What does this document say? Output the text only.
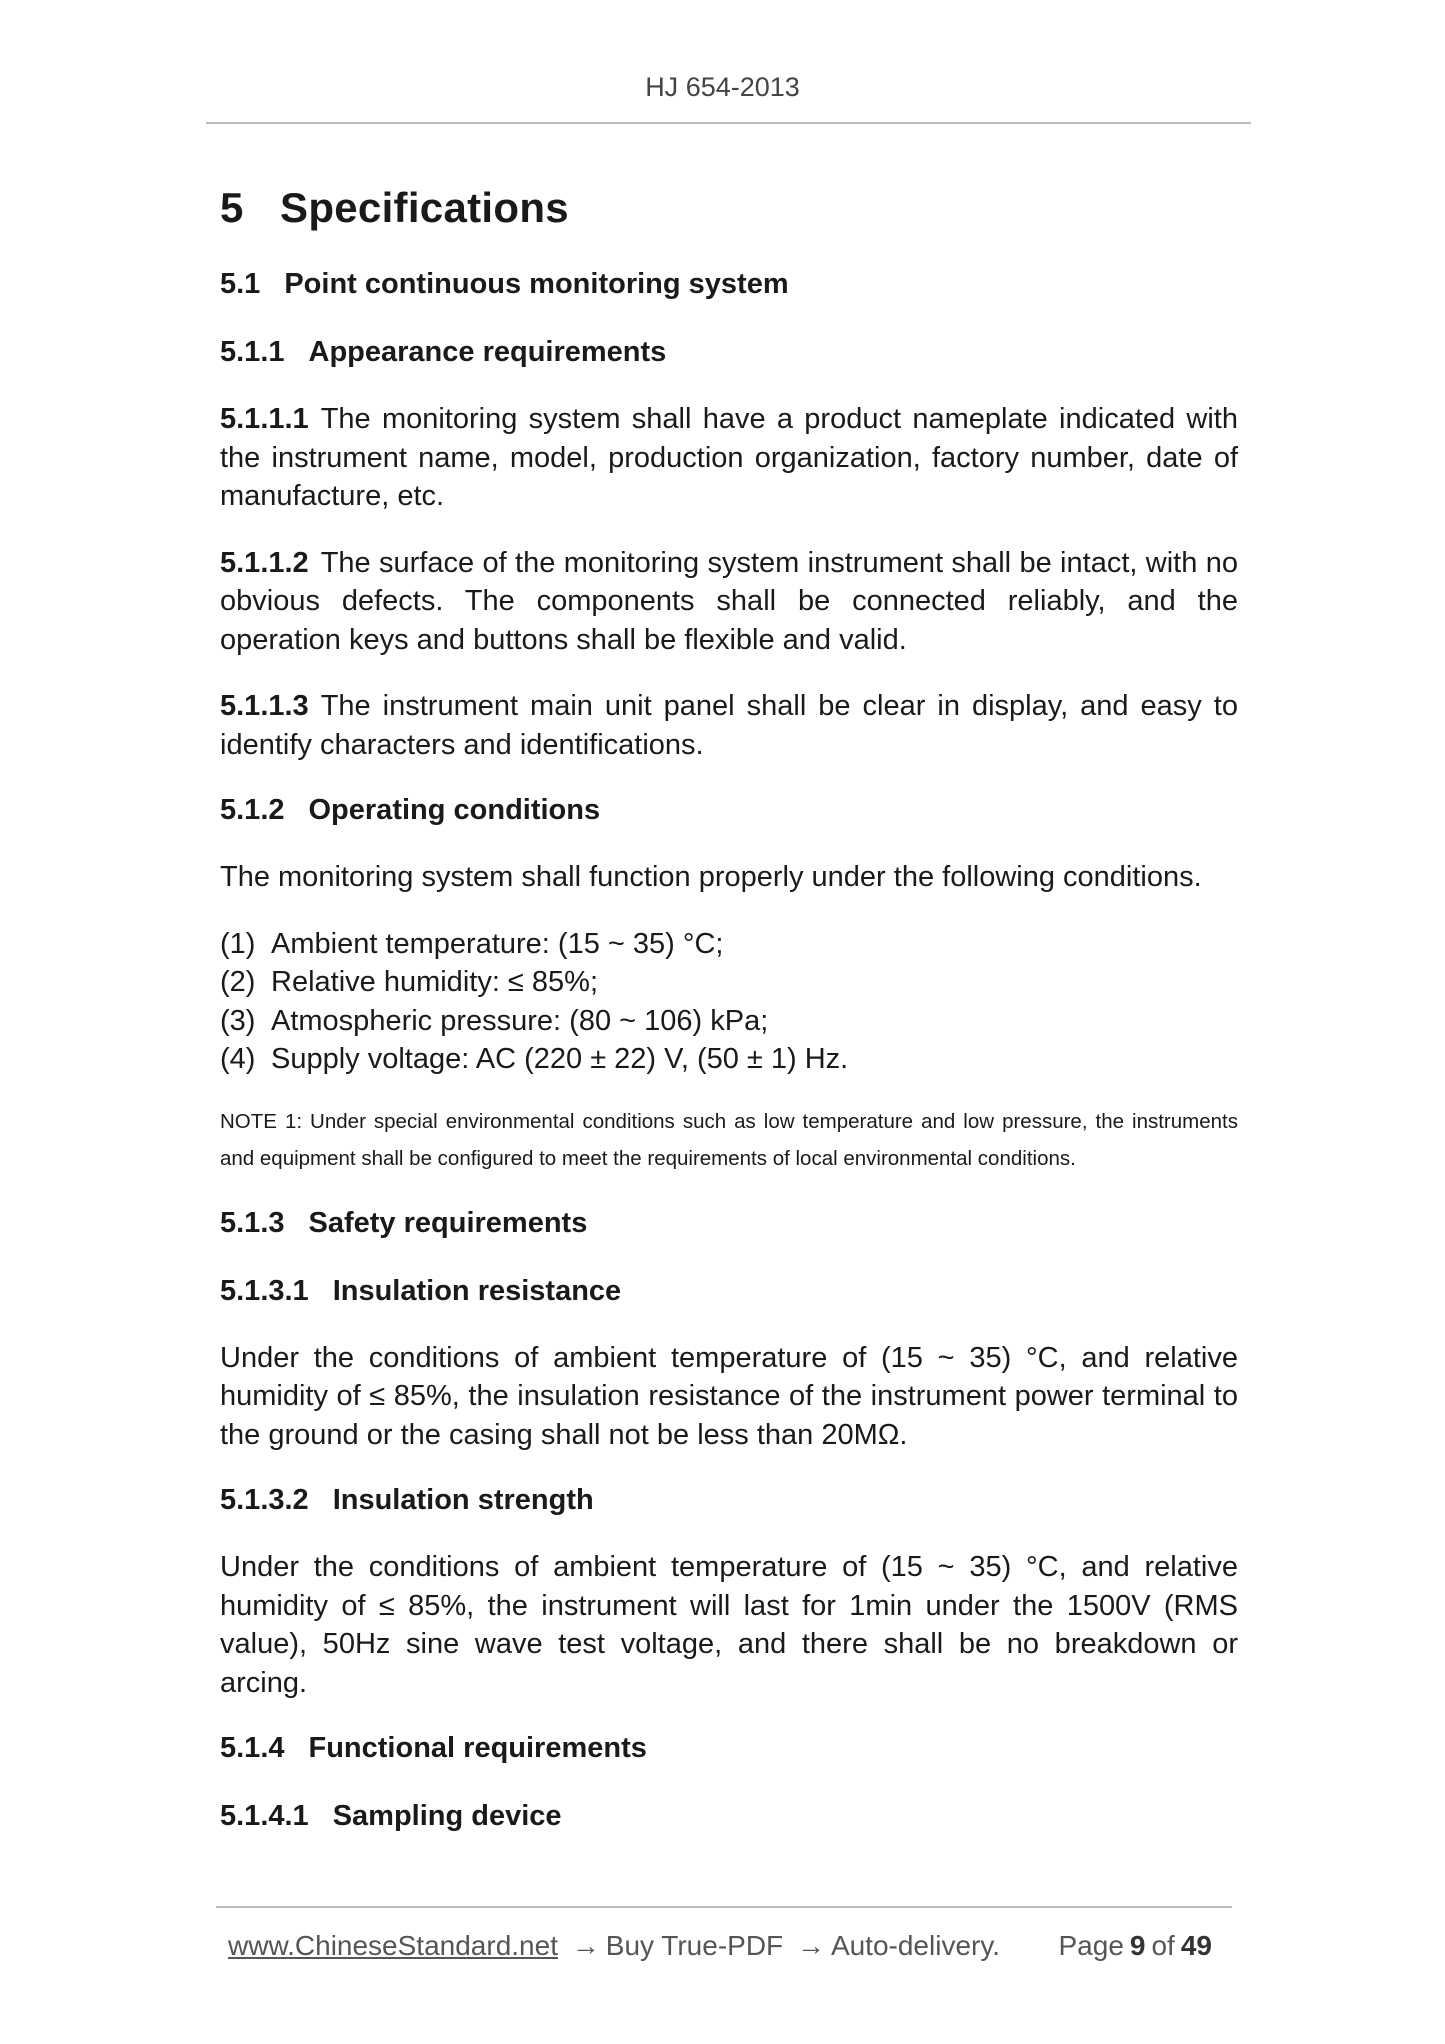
HJ 654-2013
5 Specifications
5.1 Point continuous monitoring system
5.1.1 Appearance requirements

5.1.1.1 The monitoring system shall have a product nameplate indicated with the instrument name, model, production organization, factory number, date of manufacture, etc.

5.1.1.2 The surface of the monitoring system instrument shall be intact, with no obvious defects. The components shall be connected reliably, and the operation keys and buttons shall be flexible and valid.

5.1.1.3 The instrument main unit panel shall be clear in display, and easy to identify characters and identifications.

5.1.2 Operating conditions

The monitoring system shall function properly under the following conditions.

(1) Ambient temperature: (15 ~ 35) °C;
(2) Relative humidity: ≤ 85%;
(3) Atmospheric pressure: (80 ~ 106) kPa;
(4) Supply voltage: AC (220 ± 22) V, (50 ± 1) Hz.

NOTE 1: Under special environmental conditions such as low temperature and low pressure, the instruments and equipment shall be configured to meet the requirements of local environmental conditions.

5.1.3 Safety requirements
5.1.3.1 Insulation resistance

Under the conditions of ambient temperature of (15 ~ 35) °C, and relative humidity of ≤ 85%, the insulation resistance of the instrument power terminal to the ground or the casing shall not be less than 20MΩ.

5.1.3.2 Insulation strength

Under the conditions of ambient temperature of (15 ~ 35) °C, and relative humidity of ≤ 85%, the instrument will last for 1min under the 1500V (RMS value), 50Hz sine wave test voltage, and there shall be no breakdown or arcing.

5.1.4 Functional requirements
5.1.4.1 Sampling device
www.ChineseStandard.net → Buy True-PDF → Auto-delivery. Page 9 of 49
